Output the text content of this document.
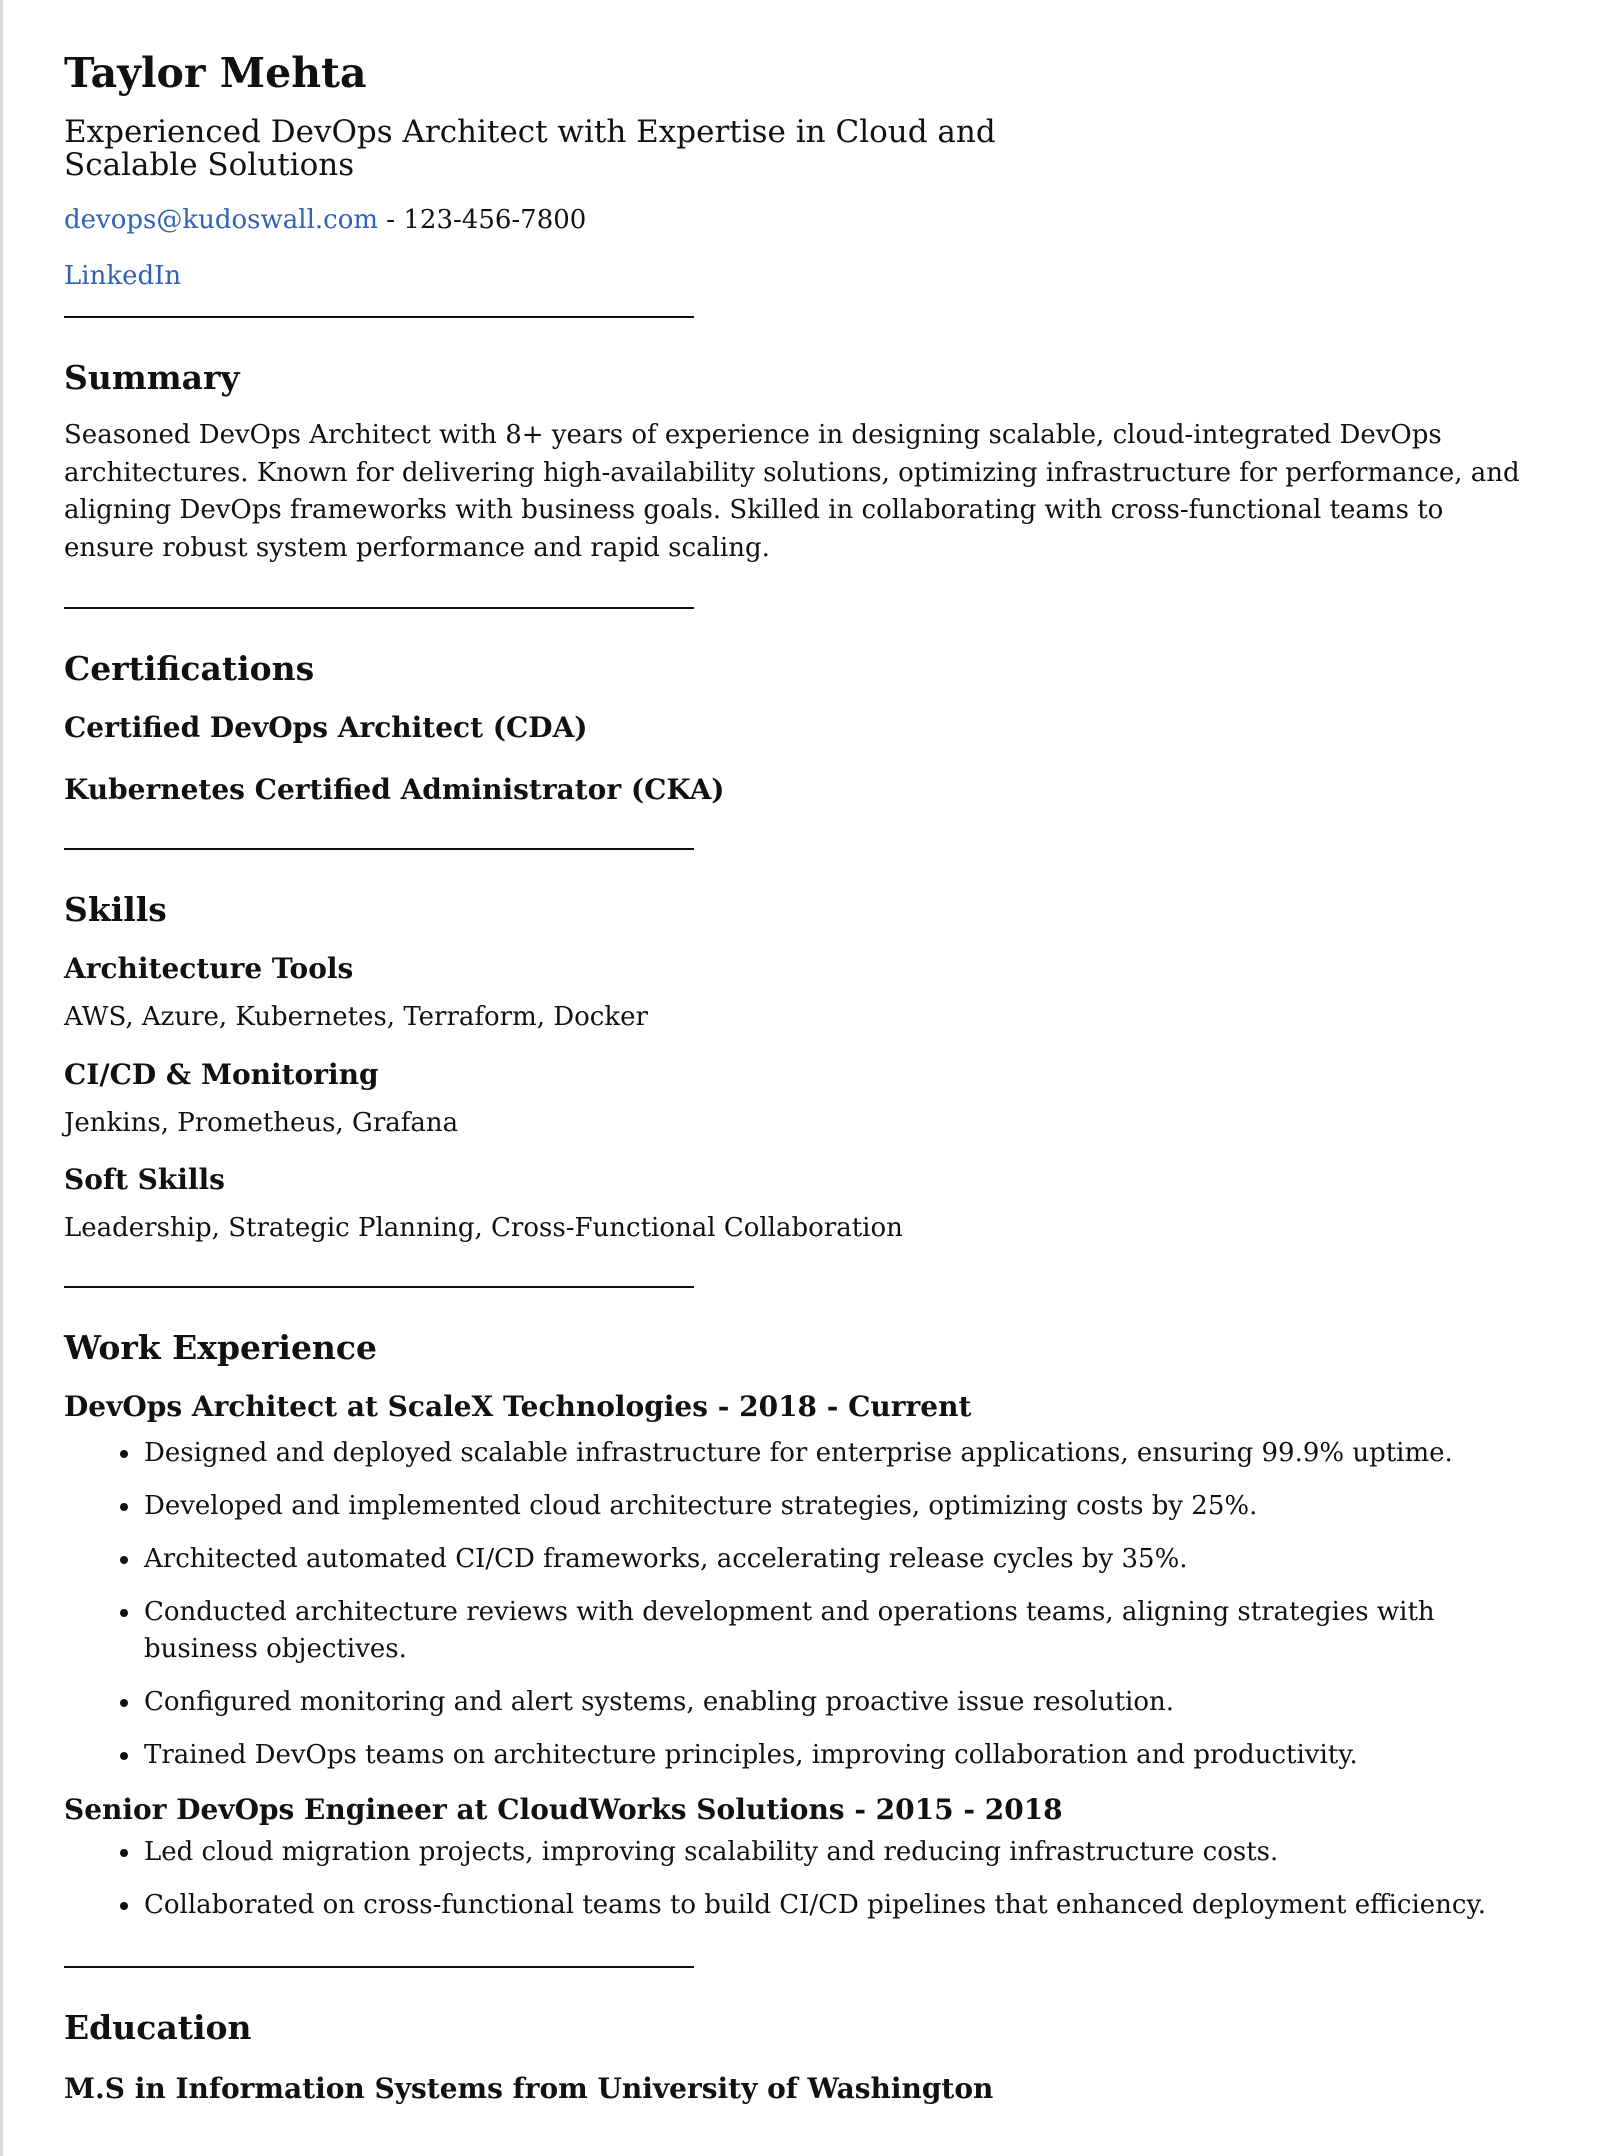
Taylor Mehta
Experienced DevOps Architect with Expertise in Cloud and Scalable Solutions
devops@kudoswall.com - 123-456-7800
LinkedIn
Summary

Seasoned DevOps Architect with 8+ years of experience in designing scalable, cloud-integrated DevOps architectures. Known for delivering high-availability solutions, optimizing infrastructure for performance, and aligning DevOps frameworks with business goals. Skilled in collaborating with cross-functional teams to ensure robust system performance and rapid scaling.

Certifications
Certified DevOps Architect (CDA)
Kubernetes Certified Administrator (CKA)
Skills
Architecture Tools

AWS, Azure, Kubernetes, Terraform, Docker

CI/CD & Monitoring

Jenkins, Prometheus, Grafana

Soft Skills

Leadership, Strategic Planning, Cross-Functional Collaboration

Work Experience
DevOps Architect at ScaleX Technologies - 2018 - Current
Designed and deployed scalable infrastructure for enterprise applications, ensuring 99.9% uptime.
Developed and implemented cloud architecture strategies, optimizing costs by 25%.
Architected automated CI/CD frameworks, accelerating release cycles by 35%.
Conducted architecture reviews with development and operations teams, aligning strategies with business objectives.
Configured monitoring and alert systems, enabling proactive issue resolution.
Trained DevOps teams on architecture principles, improving collaboration and productivity.
Senior DevOps Engineer at CloudWorks Solutions - 2015 - 2018
Led cloud migration projects, improving scalability and reducing infrastructure costs.
Collaborated on cross-functional teams to build CI/CD pipelines that enhanced deployment efficiency.
Education
M.S in Information Systems from University of Washington
